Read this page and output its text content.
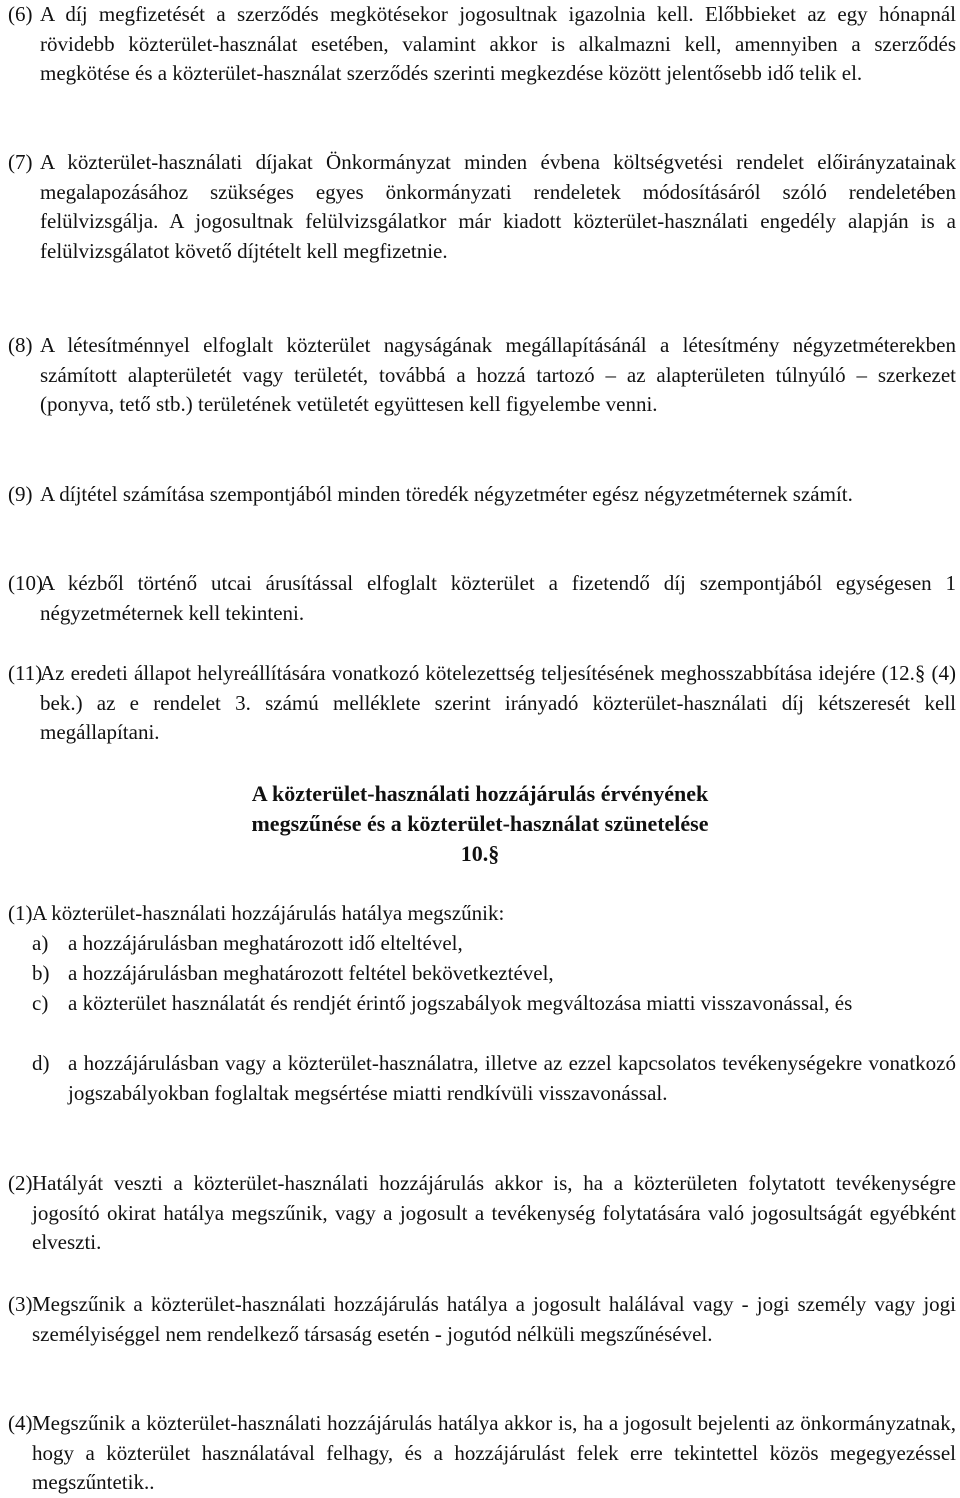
(6) A díj megfizetését a szerződés megkötésekor jogosultnak igazolnia kell. Előbbieket az egy hónapnál rövidebb közterület-használat esetében, valamint akkor is alkalmazni kell, amennyiben a szerződés megkötése és a közterület-használat szerződés szerinti megkezdése között jelentősebb idő telik el.

(7) A közterület-használati díjakat Önkormányzat minden évbena költségvetési rendelet előirányzatainak megalapozásához szükséges egyes önkormányzati rendeletek módosításáról szóló rendeletében felülvizsgálja. A jogosultnak felülvizsgálatkor már kiadott közterület-használati engedély alapján is a felülvizsgálatot követő díjtételt kell megfizetnie.

(8) A létesítménnyel elfoglalt közterület nagyságának megállapításánál a létesítmény négyzetméterekben számított alapterületét vagy területét, továbbá a hozzá tartozó – az alapterületen túlnyúló – szerkezet (ponyva, tető stb.) területének vetületét együttesen kell figyelembe venni.

(9) A díjtétel számítása szempontjából minden töredék négyzetméter egész négyzetméternek számít.

(10)

A kézből történő utcai árusítással elfoglalt közterület a fizetendő díj szempontjából egységesen 1 négyzetméternek kell tekinteni.

(11)

Az eredeti állapot helyreállítására vonatkozó kötelezettség teljesítésének meghosszabbítása idejére (12.§ (4) bek.) az e rendelet 3. számú melléklete szerint irányadó közterület-használati díj kétszeresét kell megállapítani.

A közterület-használati hozzájárulás érvényének
megszűnése és a közterület-használat szünetelése
10.§
(1) A közterület-használati hozzájárulás hatálya megszűnik:

a) a hozzájárulásban meghatározott idő elteltével,

b) a hozzájárulásban meghatározott feltétel bekövetkeztével,

c) a közterület használatát és rendjét érintő jogszabályok megváltozása miatti visszavonással, és

d) a hozzájárulásban vagy a közterület-használatra, illetve az ezzel kapcsolatos tevékenységekre vonatkozó jogszabályokban foglaltak megsértése miatti rendkívüli visszavonással.

(2) Hatályát veszti a közterület-használati hozzájárulás akkor is, ha a közterületen folytatott tevékenységre jogosító okirat hatálya megszűnik, vagy a jogosult a tevékenység folytatására való jogosultságát egyébként elveszti.

(3) Megszűnik a közterület-használati hozzájárulás hatálya a jogosult halálával vagy - jogi személy vagy jogi személyiséggel nem rendelkező társaság esetén - jogutód nélküli megszűnésével.

(4) Megszűnik a közterület-használati hozzájárulás hatálya akkor is, ha a jogosult bejelenti az önkormányzatnak, hogy a közterület használatával felhagy, és a hozzájárulást felek erre tekintettel közös megegyezéssel megszűntetik..
